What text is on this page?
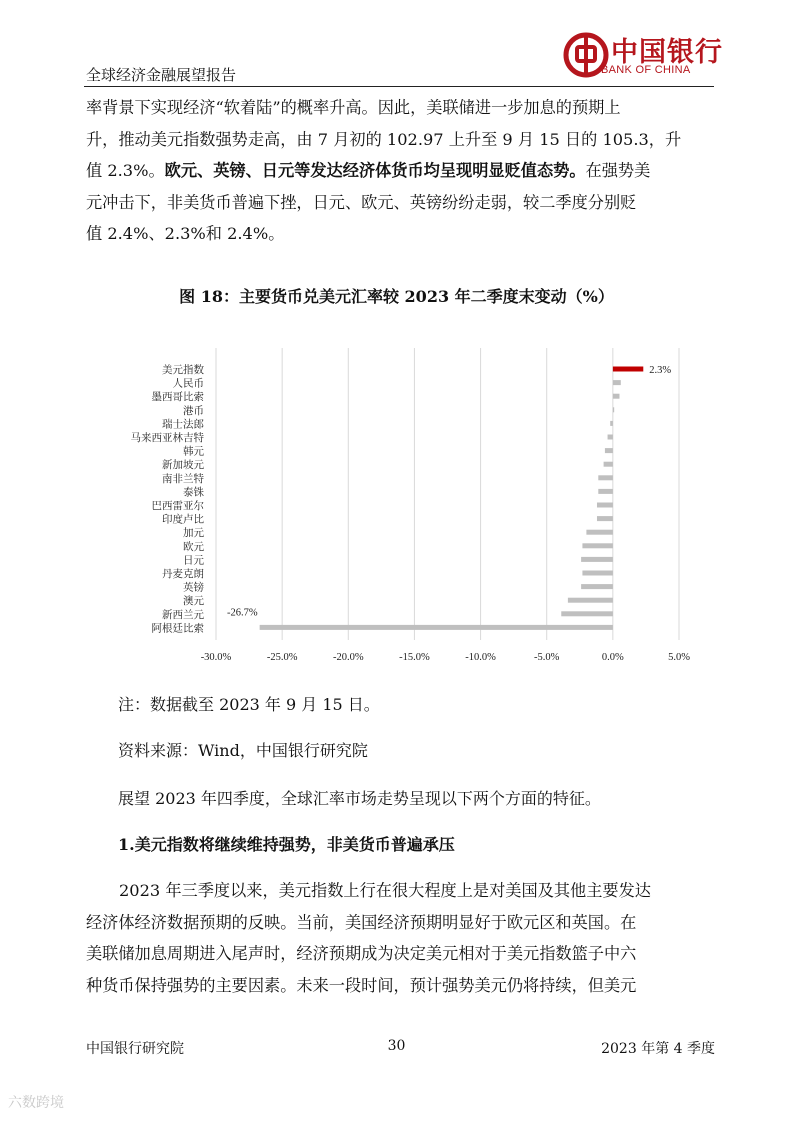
全球经济金融展望报告
中国银行
BANK OF CHINA
率背景下实现经济“软着陆”的概率升高。因此，美联储进一步加息的预期上
升，推动美元指数强势走高，由 7 月初的 102.97 上升至 9 月 15 日的 105.3，升
值 2.3%。欧元、英镑、日元等发达经济体货币均呈现明显贬值态势。在强势美
元冲击下，非美货币普遍下挫，日元、欧元、英镑纷纷走弱，较二季度分别贬
值 2.4%、2.3%和 2.4%。
图 18：主要货币兑美元汇率较 2023 年二季度末变动（%）
美元指数
人民币
墨西哥比索
港币
瑞士法郎
马来西亚林吉特
韩元
新加坡元
南非兰特
泰铢
巴西雷亚尔
印度卢比
加元
欧元
日元
丹麦克朗
英镑
澳元
新西兰元
阿根廷比索
2.3%
-26.7%
-30.0%	-25.0%	-20.0%	-15.0%	-10.0%	-5.0%	0.0%	5.0%
注：数据截至 2023 年 9 月 15 日。
资料来源：Wind，中国银行研究院
展望 2023 年四季度，全球汇率市场走势呈现以下两个方面的特征。
1.美元指数将继续维持强势，非美货币普遍承压
2023 年三季度以来，美元指数上行在很大程度上是对美国及其他主要发达
经济体经济数据预期的反映。当前，美国经济预期明显好于欧元区和英国。在
美联储加息周期进入尾声时，经济预期成为决定美元相对于美元指数篮子中六
种货币保持强势的主要因素。未来一段时间，预计强势美元仍将持续，但美元
中国银行研究院	30	2023 年第 4 季度
六数跨境
